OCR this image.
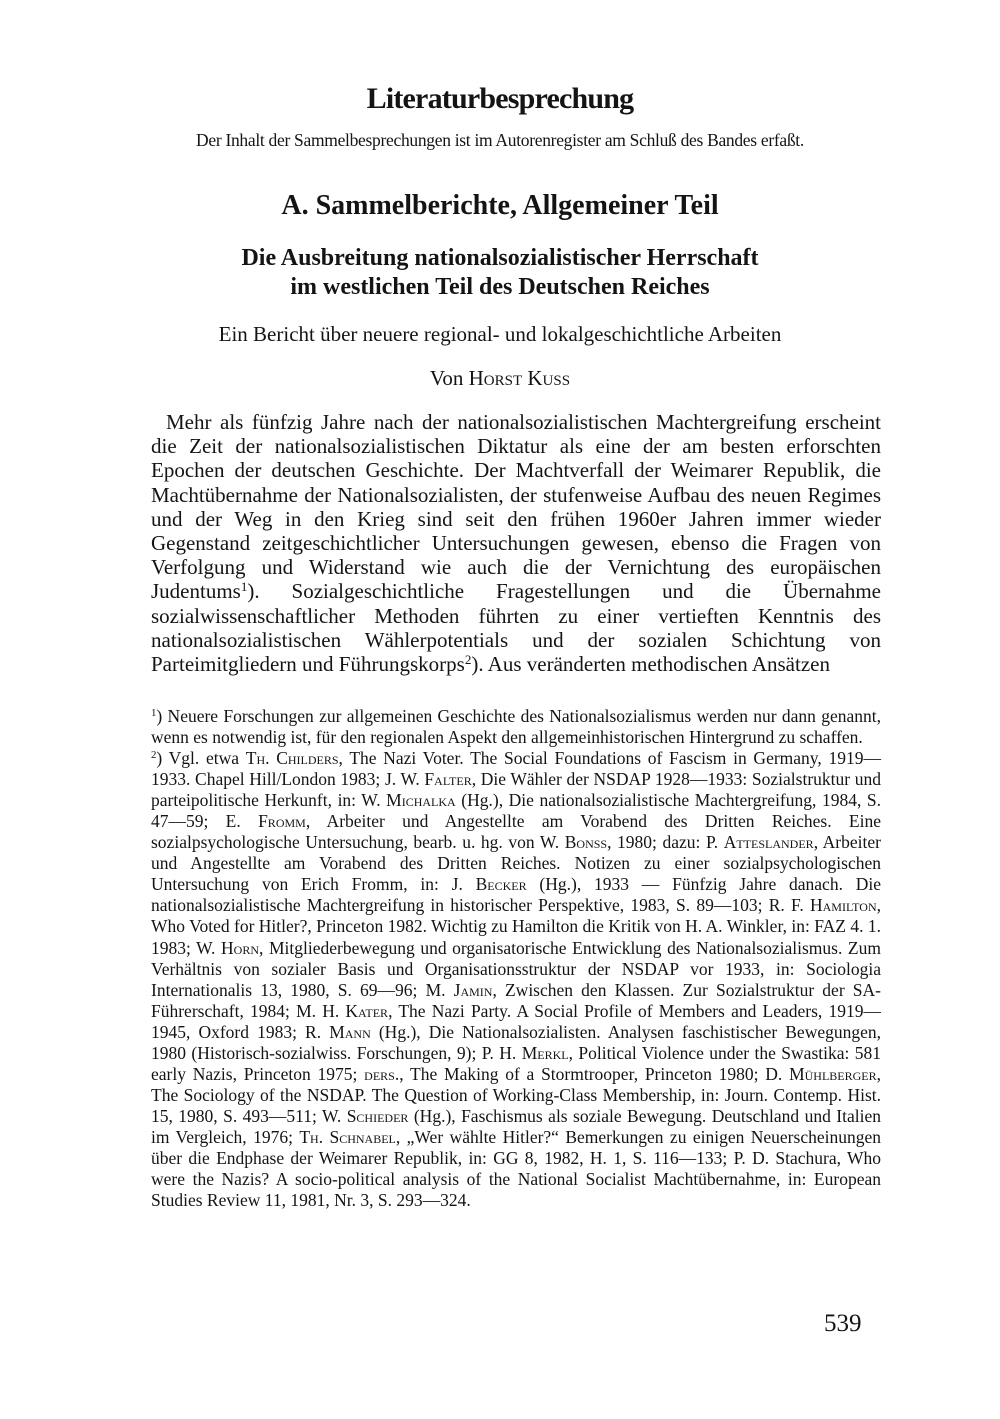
Literaturbesprechung

Der Inhalt der Sammelbesprechungen ist im Autorenregister am Schluß des Bandes erfaßt.

A. Sammelberichte, Allgemeiner Teil
Die Ausbreitung nationalsozialistischer Herrschaft
im westlichen Teil des Deutschen Reiches

Ein Bericht über neuere regional- und lokalgeschichtliche Arbeiten

Von Horst Kuss

Mehr als fünfzig Jahre nach der nationalsozialistischen Machtergreifung erscheint die Zeit der nationalsozialistischen Diktatur als eine der am besten erforschten Epochen der deutschen Geschichte. Der Machtverfall der Weimarer Republik, die Machtübernahme der Nationalsozialisten, der stufenweise Aufbau des neuen Regimes und der Weg in den Krieg sind seit den frühen 1960er Jahren immer wieder Gegenstand zeitgeschichtlicher Untersuchungen gewesen, ebenso die Fragen von Verfolgung und Widerstand wie auch die der Vernichtung des europäischen Judentums$^1$). Sozialgeschichtliche Fragestellungen und die Übernahme sozialwissenschaftlicher Methoden führten zu einer vertieften Kenntnis des nationalsozialistischen Wählerpotentials und der sozialen Schichtung von Parteimitgliedern und Führungskorps$^2$). Aus veränderten methodischen Ansätzen

$^1$) Neuere Forschungen zur allgemeinen Geschichte des Nationalsozialismus werden nur dann genannt, wenn es notwendig ist, für den regionalen Aspekt den allgemeinhistorischen Hintergrund zu schaffen.

$^2$) Vgl. etwa Th. Childers, The Nazi Voter. The Social Foundations of Fascism in Germany, 1919—1933. Chapel Hill/London 1983; J. W. Falter, Die Wähler der NSDAP 1928—1933: Sozialstruktur und parteipolitische Herkunft, in: W. Michalka (Hg.), Die nationalsozialistische Machtergreifung, 1984, S. 47—59; E. Fromm, Arbeiter und Angestellte am Vorabend des Dritten Reiches. Eine sozialpsychologische Untersuchung, bearb. u. hg. von W. Bonß, 1980; dazu: P. Atteslander, Arbeiter und Angestellte am Vorabend des Dritten Reiches. Notizen zu einer sozialpsychologischen Untersuchung von Erich Fromm, in: J. Becker (Hg.), 1933 — Fünfzig Jahre danach. Die nationalsozialistische Machtergreifung in historischer Perspektive, 1983, S. 89—103; R. F. Hamilton, Who Voted for Hitler?, Princeton 1982. Wichtig zu Hamilton die Kritik von H. A. Winkler, in: FAZ 4. 1. 1983; W. Horn, Mitgliederbewegung und organisatorische Entwicklung des Nationalsozialismus. Zum Verhältnis von sozialer Basis und Organisationsstruktur der NSDAP vor 1933, in: Sociologia Internationalis 13, 1980, S. 69—96; M. Jamin, Zwischen den Klassen. Zur Sozialstruktur der SA-Führerschaft, 1984; M. H. Kater, The Nazi Party. A Social Profile of Members and Leaders, 1919—1945, Oxford 1983; R. Mann (Hg.), Die Nationalsozialisten. Analysen faschistischer Bewegungen, 1980 (Historisch-sozialwiss. Forschungen, 9); P. H. Merkl, Political Violence under the Swastika: 581 early Nazis, Princeton 1975; ders., The Making of a Stormtrooper, Princeton 1980; D. Mühlberger, The Sociology of the NSDAP. The Question of Working-Class Membership, in: Journ. Contemp. Hist. 15, 1980, S. 493—511; W. Schieder (Hg.), Faschismus als soziale Bewegung. Deutschland und Italien im Vergleich, 1976; Th. Schnabel, „Wer wählte Hitler?“ Bemerkungen zu einigen Neuerscheinungen über die Endphase der Weimarer Republik, in: GG 8, 1982, H. 1, S. 116—133; P. D. Stachura, Who were the Nazis? A socio-political analysis of the National Socialist Machtübernahme, in: European Studies Review 11, 1981, Nr. 3, S. 293—324.

539
